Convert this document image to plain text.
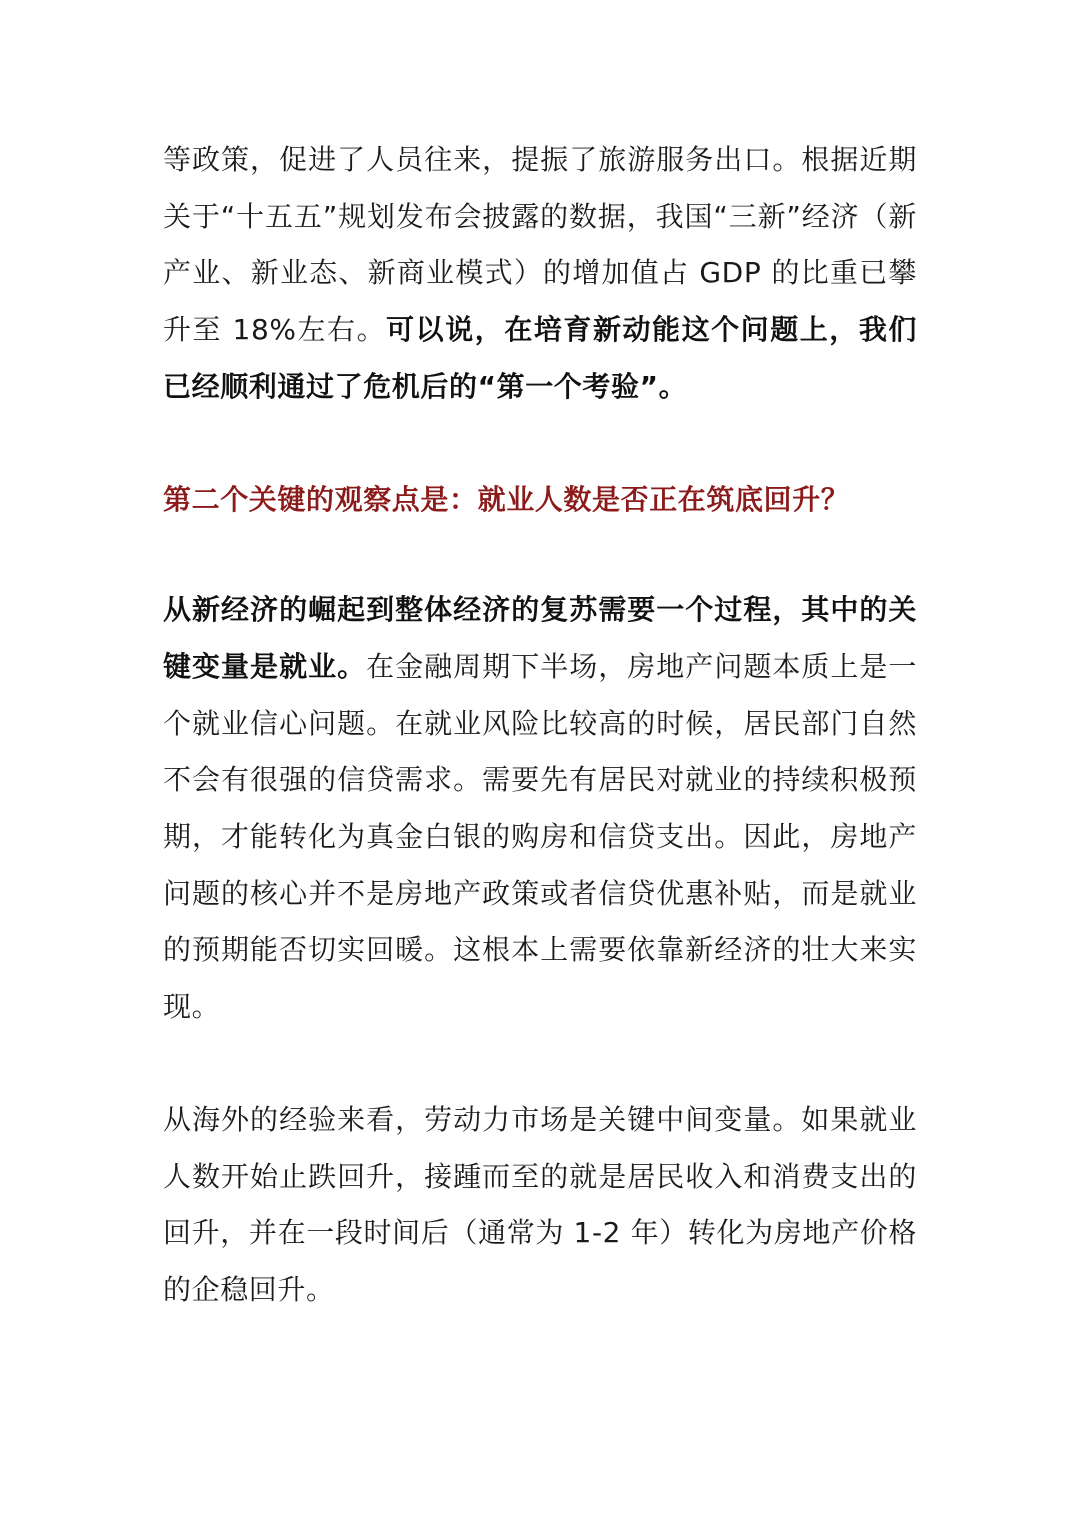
等政策，促进了人员往来，提振了旅游服务出口。根据近期关于“十五五”规划发布会披露的数据，我国“三新”经济（新产业、新业态、新商业模式）的增加值占 GDP 的比重已攀升至 18%左右。可以说，在培育新动能这个问题上，我们已经顺利通过了危机后的“第一个考验”。

第二个关键的观察点是：就业人数是否正在筑底回升？

从新经济的崛起到整体经济的复苏需要一个过程，其中的关键变量是就业。在金融周期下半场，房地产问题本质上是一个就业信心问题。在就业风险比较高的时候，居民部门自然不会有很强的信贷需求。需要先有居民对就业的持续积极预期，才能转化为真金白银的购房和信贷支出。因此，房地产问题的核心并不是房地产政策或者信贷优惠补贴，而是就业的预期能否切实回暖。这根本上需要依靠新经济的壮大来实现。

从海外的经验来看，劳动力市场是关键中间变量。如果就业人数开始止跌回升，接踵而至的就是居民收入和消费支出的回升，并在一段时间后（通常为 1-2 年）转化为房地产价格的企稳回升。
